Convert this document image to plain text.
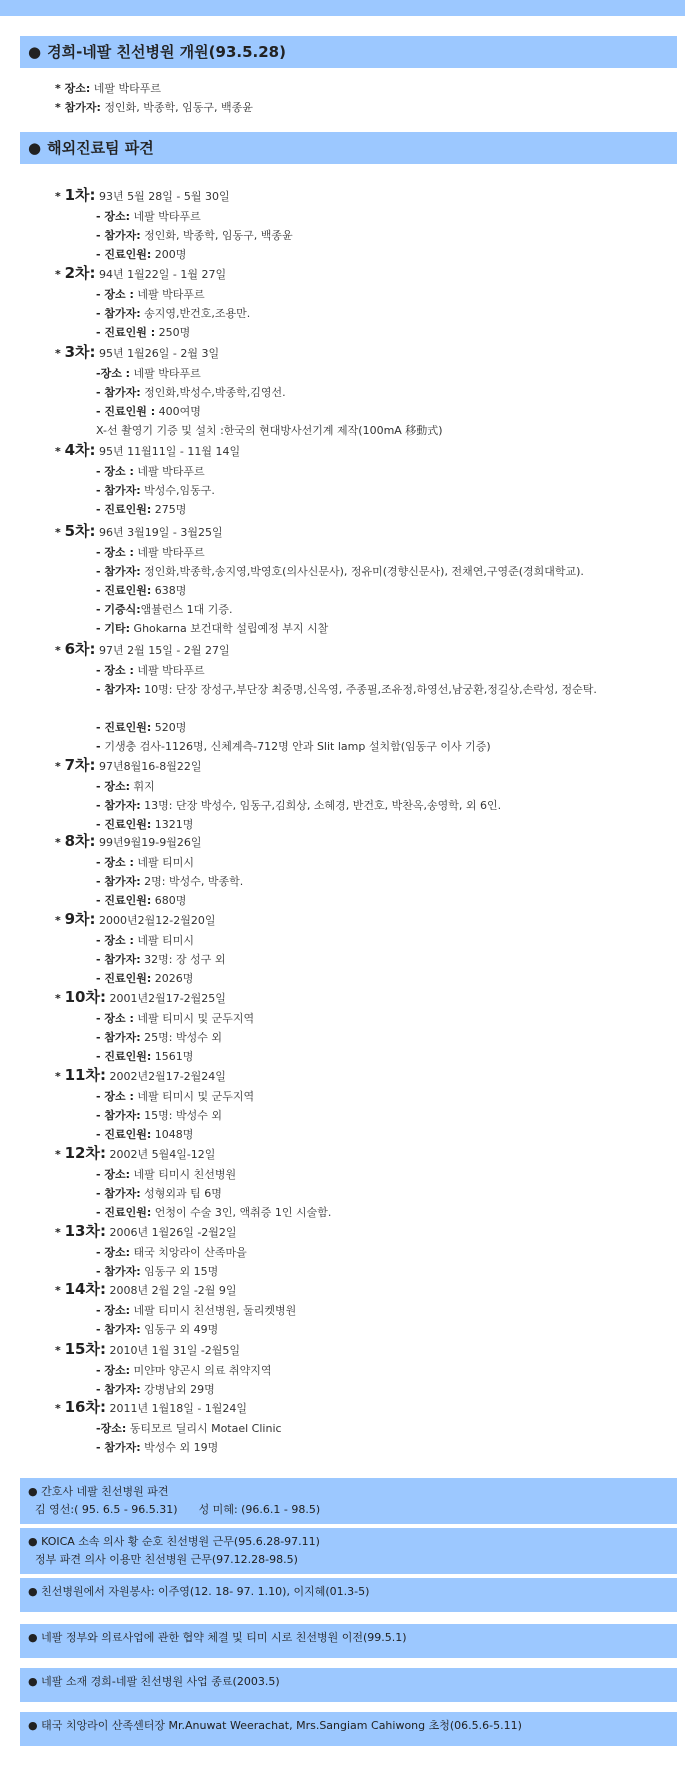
● 경희-네팔 친선병원 개원(93.5.28)
* 장소: 네팔 박타푸르
* 참가자: 정인화, 박종학, 임동구, 백종윤
● 해외진료팀 파견
* 1차: 93년 5월 28일 - 5월 30일
- 장소: 네팔 박타푸르
- 참가자: 정인화, 박종학, 임동구, 백종윤
- 진료인원: 200명
* 2차: 94년 1월22일 - 1월 27일
- 장소 : 네팔 박타푸르
- 참가자: 송지영,반건호,조용만.
- 진료인원 : 250명
* 3차: 95년 1월26일 - 2월 3일
-장소 : 네팔 박타푸르
- 참가자: 정인화,박성수,박종학,김영선.
- 진료인원 : 400여명
X-선 촬영기 기증 및 설치 :한국의 현대방사선기계 제작(100mA 移動式)
* 4차: 95년 11월11일 - 11월 14일
- 장소 : 네팔 박타푸르
- 참가자: 박성수,임동구.
- 진료인원: 275명
* 5차: 96년 3월19일 - 3월25일
- 장소 : 네팔 박타푸르
- 참가자: 정인화,박종학,송지영,박영호(의사신문사), 정유미(경향신문사), 전채연,구영준(경희대학교).
- 진료인원: 638명
- 기증식:앰뷸런스 1대 기증.
- 기타: Ghokarna 보건대학 설립예정 부지 시찰
* 6차: 97년 2월 15일 - 2월 27일
- 장소 : 네팔 박타푸르
- 참가자: 10명: 단장 장성구,부단장 최중명,신옥영, 주종필,조유정,하영선,남궁환,정길상,손락성, 정순탁.
- 진료인원: 520명
- 기생충 검사-1126명, 신체계측-712명 안과 Slit lamp 설치함(임동구 이사 기증)
* 7차: 97년8월16-8월22일
- 장소: 휘지
- 참가자: 13명: 단장 박성수, 임동구,김희상, 소혜경, 반건호, 박찬옥,송영학, 외 6인.
- 진료인원: 1321명
* 8차: 99년9월19-9월26일
- 장소 : 네팔 티미시
- 참가자: 2명: 박성수, 박종학.
- 진료인원: 680명
* 9차: 2000년2월12-2월20일
- 장소 : 네팔 티미시
- 참가자: 32명: 장 성구 외
- 진료인원: 2026명
* 10차: 2001년2월17-2월25일
- 장소 : 네팔 티미시 및 군두지역
- 참가자: 25명: 박성수 외
- 진료인원: 1561명
* 11차: 2002년2월17-2월24일
- 장소 : 네팔 티미시 및 군두지역
- 참가자: 15명: 박성수 외
- 진료인원: 1048명
* 12차: 2002년 5월4일-12일
- 장소: 네팔 티미시 친선병원
- 참가자: 성형외과 팀 6명
- 진료인원: 언청이 수술 3인, 액취증 1인 시술함.
* 13차: 2006년 1월26일 -2월2일
- 장소: 태국 치앙라이 산족마을
- 참가자: 임동구 외 15명
* 14차: 2008년 2월 2일 -2월 9일
- 장소: 네팔 티미시 친선병원, 둘리켓병원
- 참가자: 임동구 외 49명
* 15차: 2010년 1월 31일 -2월5일
- 장소: 미얀마 양곤시 의료 취약지역
- 참가자: 강병남외 29명
* 16차: 2011년 1월18일 - 1월24일
-장소: 동티모르 딜리시 Motael Clinic
- 참가자: 박성수 외 19명
● 간호사 네팔 친선병원 파견
김 영선:( 95. 6.5 - 96.5.31)      성 미혜: (96.6.1 - 98.5)
● KOICA 소속 의사 황 순호 친선병원 근무(95.6.28-97.11)
정부 파견 의사 이용만 친선병원 근무(97.12.28-98.5)
● 친선병원에서 자원봉사: 이주영(12. 18- 97. 1.10), 이지혜(01.3-5)
● 네팔 정부와 의료사업에 관한 협약 체결 및 티미 시로 친선병원 이전(99.5.1)
● 네팔 소재 경희-네팔 친선병원 사업 종료(2003.5)
● 태국 치앙라이 산족센터장 Mr.Anuwat Weerachat, Mrs.Sangiam Cahiwong 초청(06.5.6-5.11)
